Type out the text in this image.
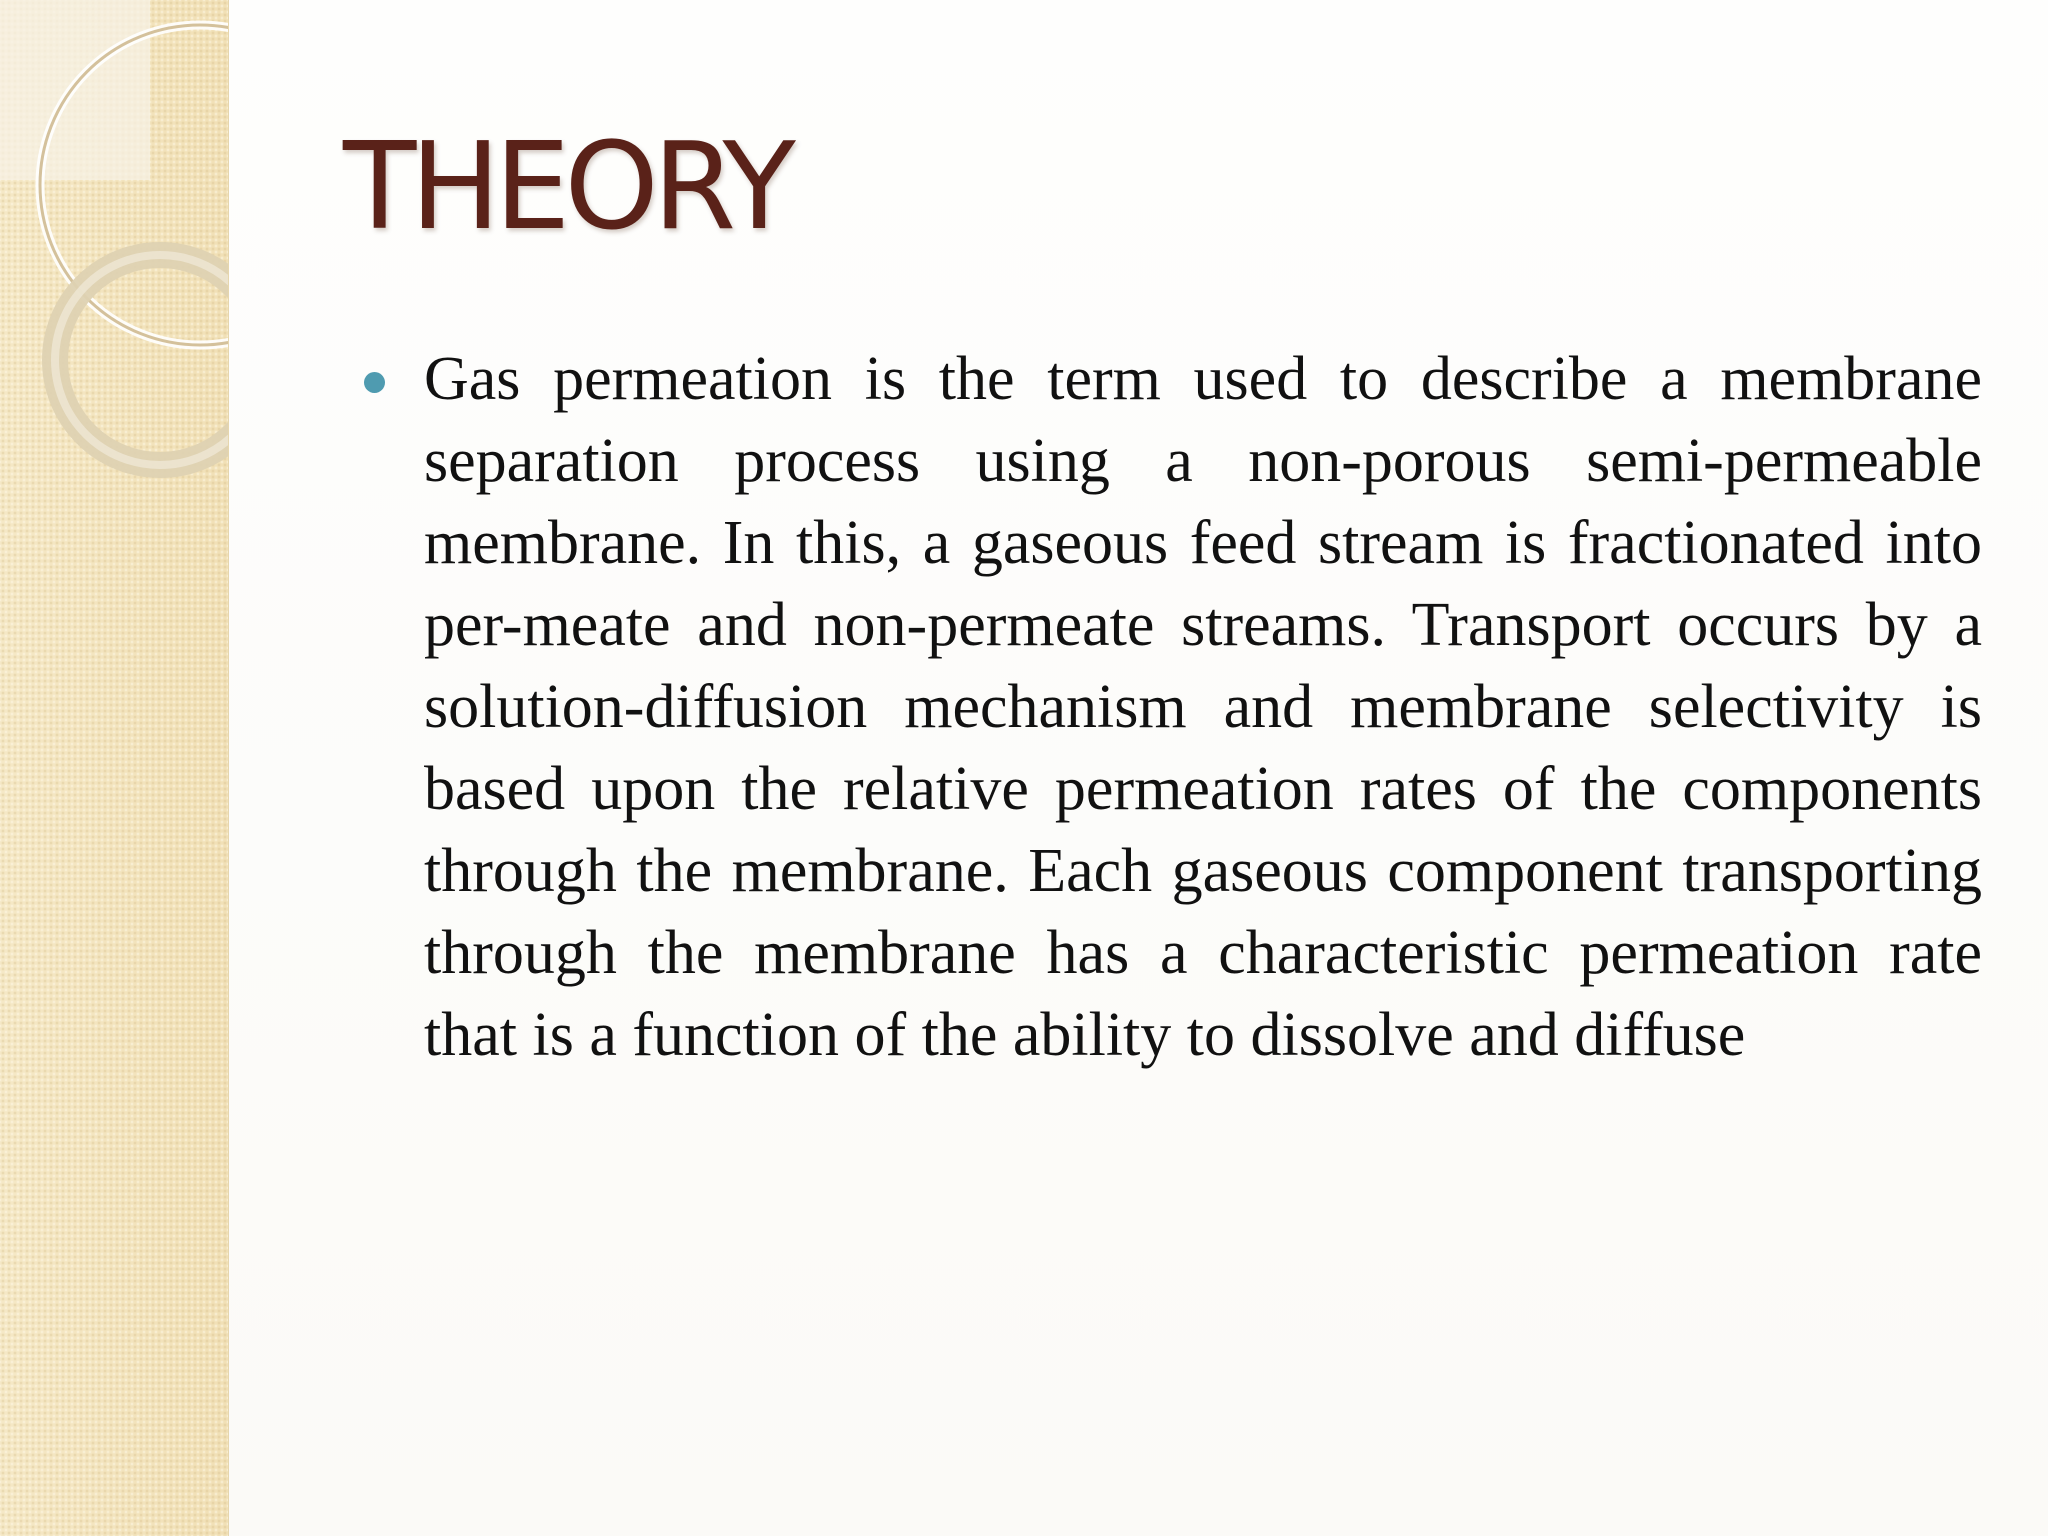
THEORY
Gas permeation is the term used to describe a membrane separation process using a non-porous semi-permeable membrane. In this, a gaseous feed stream is fractionated into per-meate and non-permeate streams. Transport occurs by a solution-diffusion mechanism and membrane selectivity is based upon the relative permeation rates of the components through the membrane. Each gaseous component transporting through the membrane has a characteristic permeation rate that is a function of the ability to dissolve and diffuse
